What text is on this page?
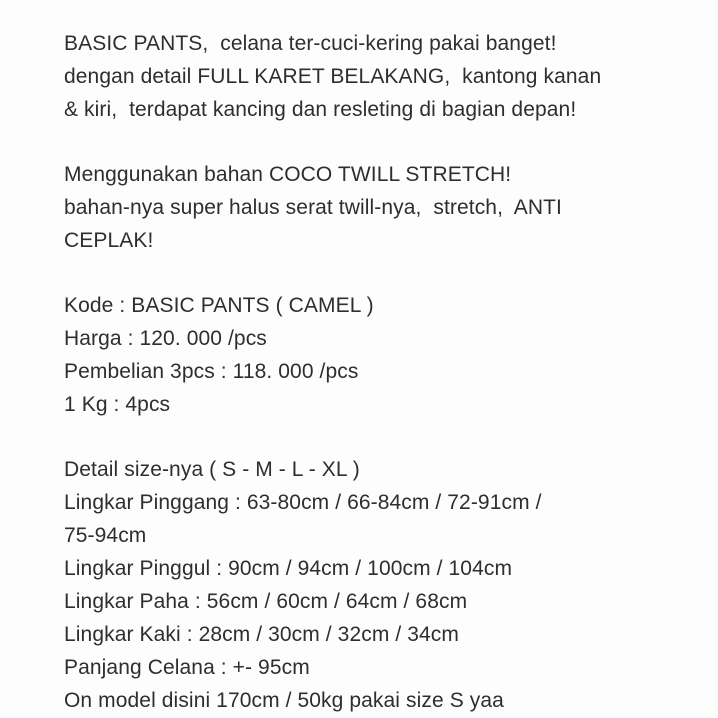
BASIC PANTS,  celana ter-cuci-kering pakai banget!
dengan detail FULL KARET BELAKANG,  kantong kanan
& kiri,  terdapat kancing dan resleting di bagian depan!
Menggunakan bahan COCO TWILL STRETCH!
bahan-nya super halus serat twill-nya,  stretch,  ANTI
CEPLAK!
Kode : BASIC PANTS ( CAMEL )
Harga : 120. 000 /pcs
Pembelian 3pcs : 118. 000 /pcs
1 Kg : 4pcs
Detail size-nya ( S - M - L - XL )
Lingkar Pinggang : 63-80cm / 66-84cm / 72-91cm /
75-94cm
Lingkar Pinggul : 90cm / 94cm / 100cm / 104cm
Lingkar Paha : 56cm / 60cm / 64cm / 68cm
Lingkar Kaki : 28cm / 30cm / 32cm / 34cm
Panjang Celana : +- 95cm
On model disini 170cm / 50kg pakai size S yaa
